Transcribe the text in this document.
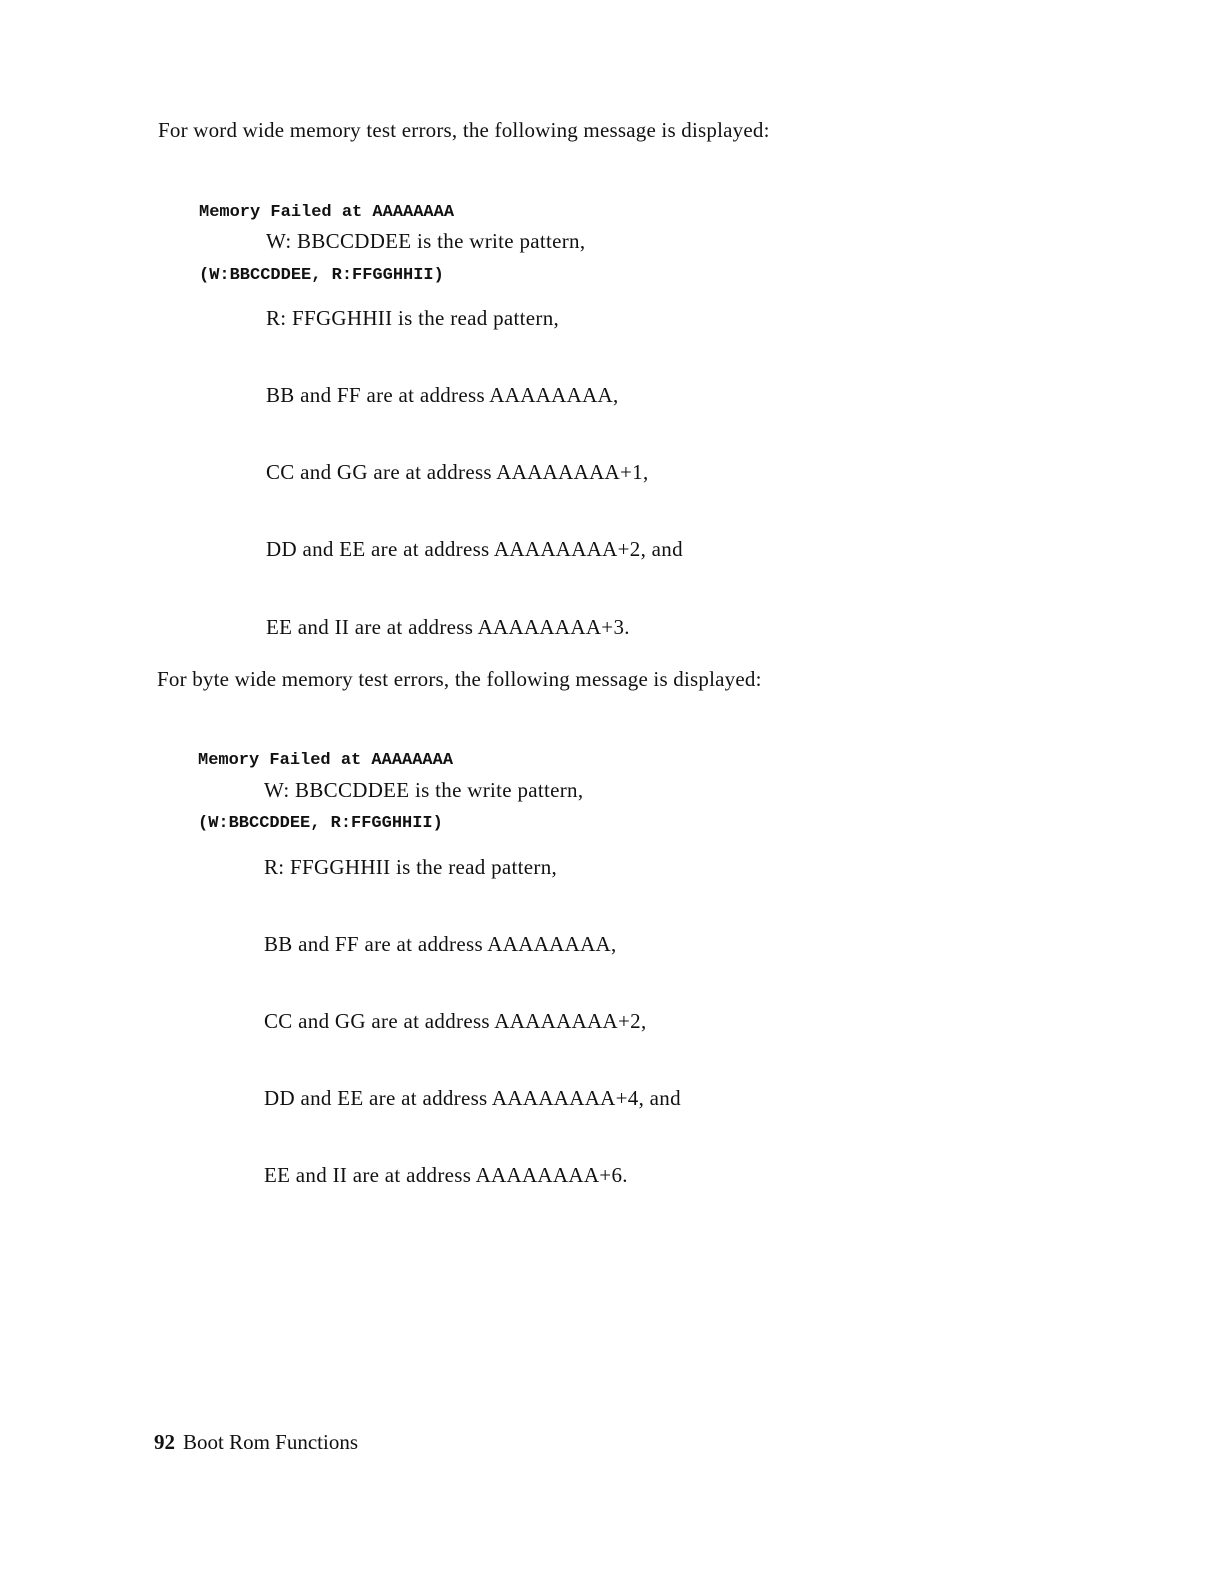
For word wide memory test errors, the following message is displayed:

Memory Failed at AAAAAAAA

(W:BBCCDDEE, R:FFGGHHII)

W: BBCCDDEE is the write pattern,
R: FFGGHHII is the read pattern,
BB and FF are at address AAAAAAAA,
CC and GG are at address AAAAAAAA+1,
DD and EE are at address AAAAAAAA+2, and
EE and II are at address AAAAAAAA+3.
For byte wide memory test errors, the following message is displayed:

Memory Failed at AAAAAAAA

(W:BBCCDDEE, R:FFGGHHII)

W: BBCCDDEE is the write pattern,
R: FFGGHHII is the read pattern,
BB and FF are at address AAAAAAAA,
CC and GG are at address AAAAAAAA+2,
DD and EE are at address AAAAAAAA+4, and
EE and II are at address AAAAAAAA+6.
92 Boot Rom Functions
